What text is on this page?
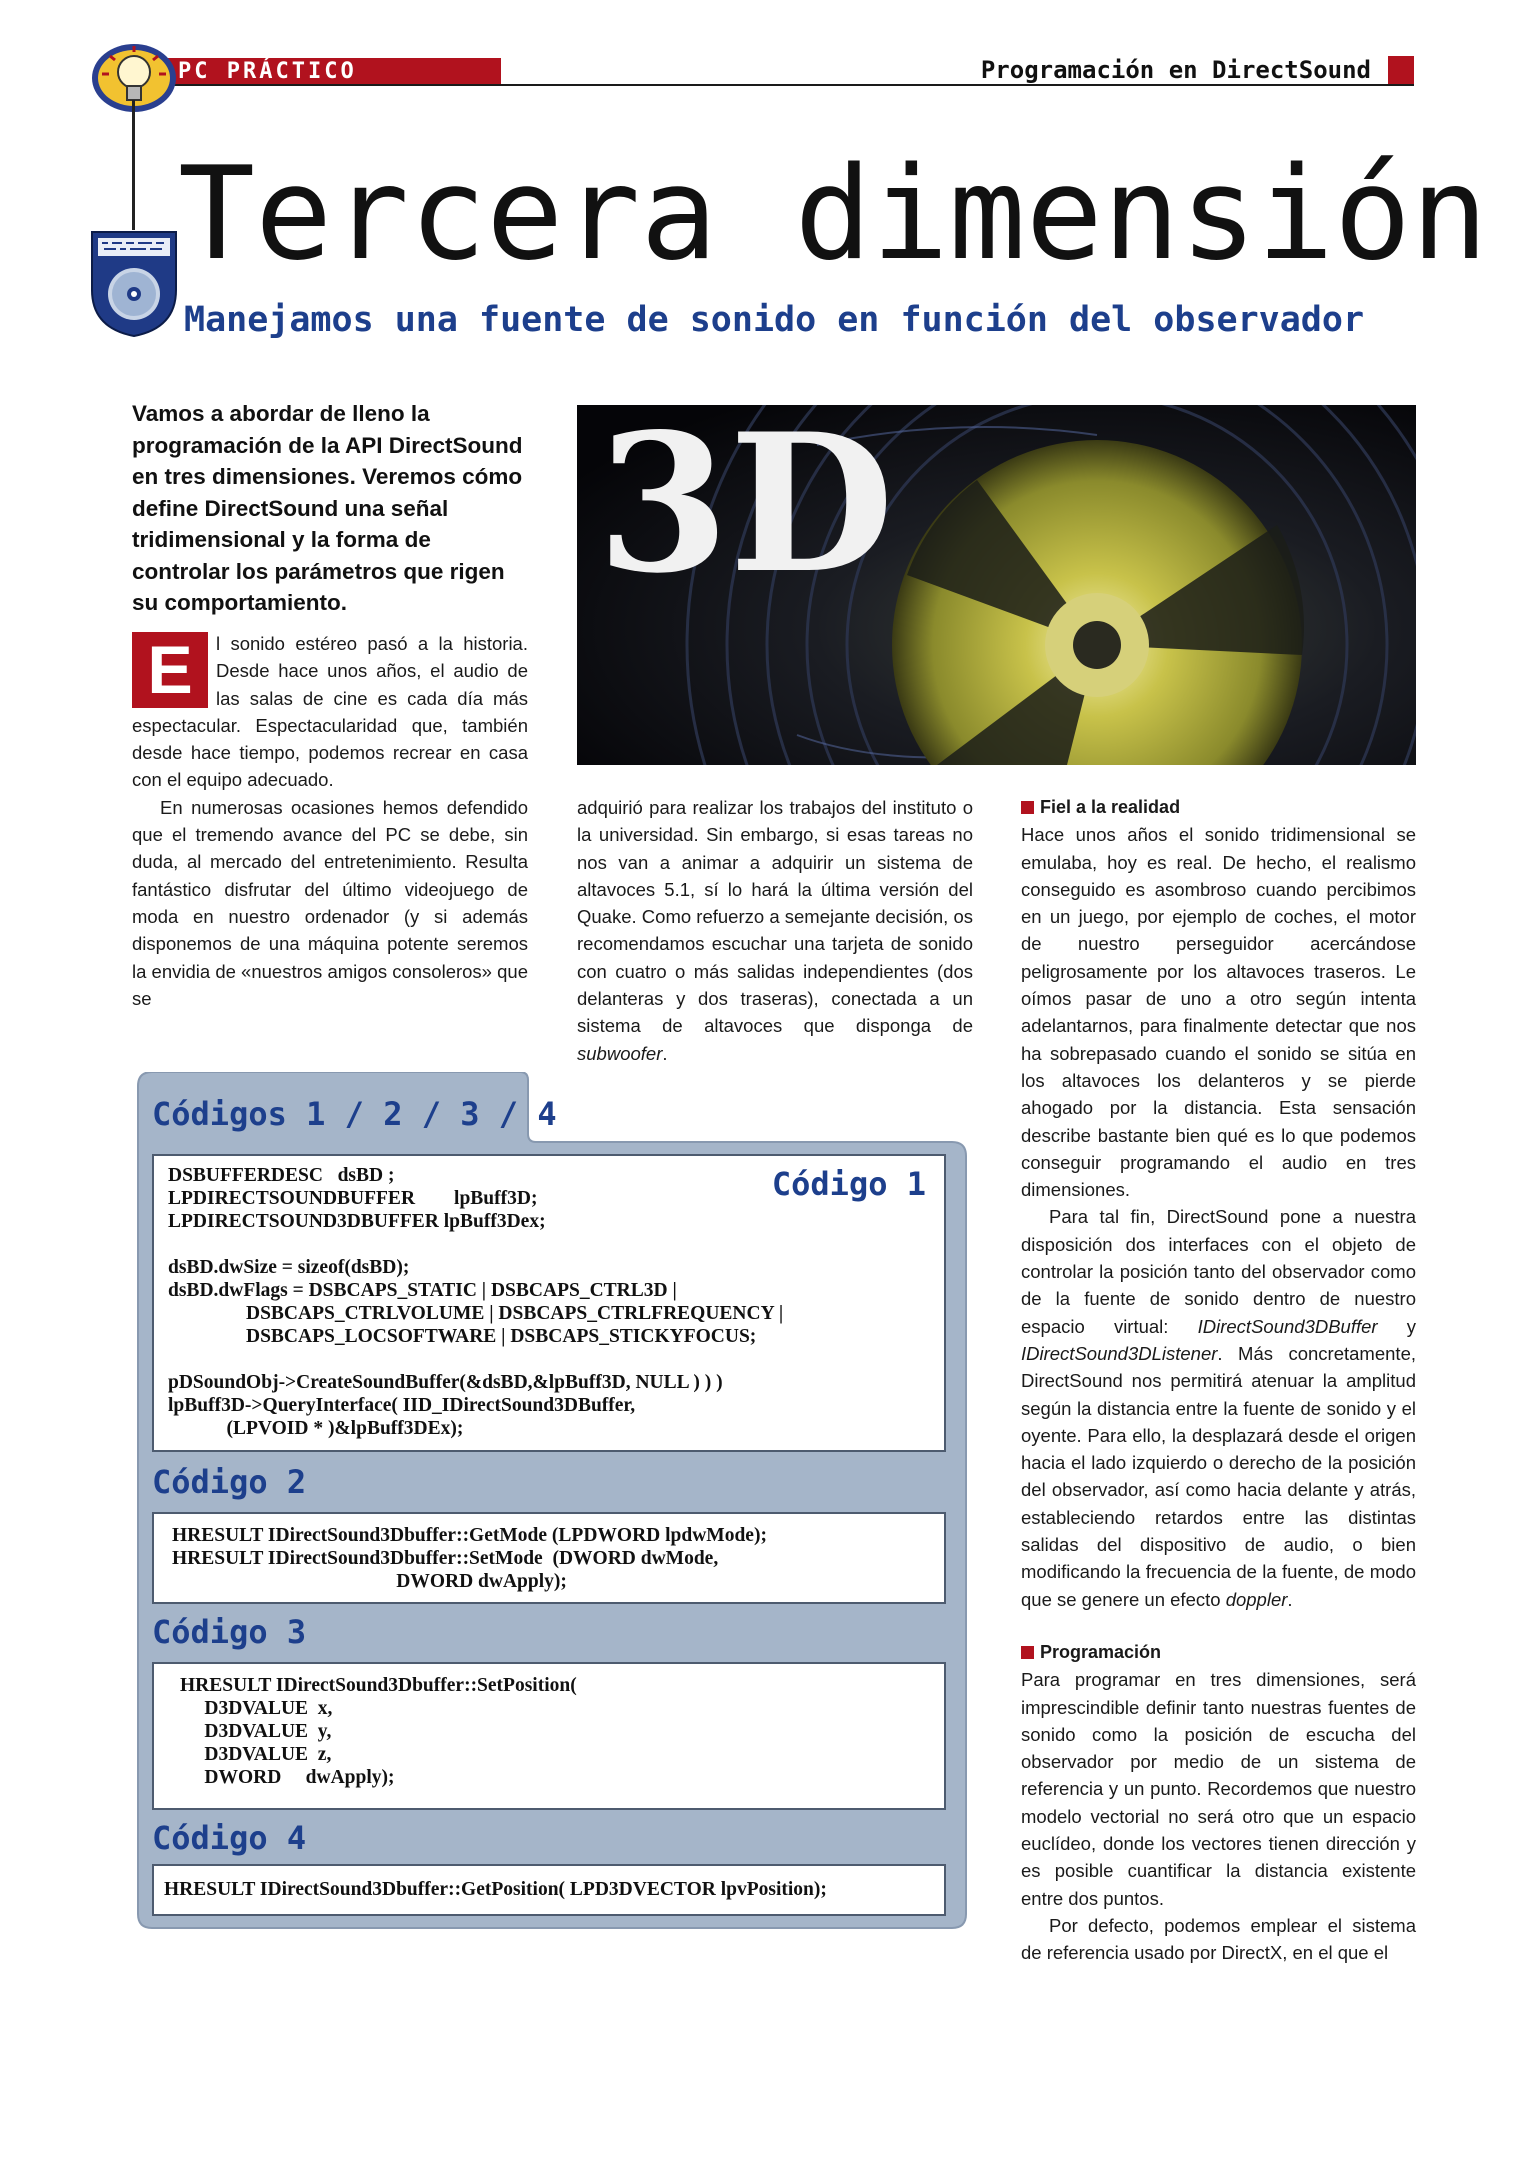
PC PRÁCTICO	Programación en DirectSound
Tercera dimensión
Manejamos una fuente de sonido en función del observador
Vamos a abordar de lleno la programación de la API DirectSound en tres dimensiones. Veremos cómo define DirectSound una señal tridimensional y la forma de controlar los parámetros que rigen su comportamiento.	3D
E	l sonido estéreo pasó a la historia. Desde hace unos años, el audio de las salas de cine es cada día más espectacular. Espectacularidad que, también desde hace tiempo, podemos recrear en casa con el equipo adecuado.

En numerosas ocasiones hemos defendido que el tremendo avance del PC se debe, sin duda, al mercado del entretenimiento. Resulta fantástico disfrutar del último videojuego de moda en nuestro ordenador (y si además disponemos de una máquina potente seremos la envidia de «nuestros amigos consoleros» que se

adquirió para realizar los trabajos del instituto o la universidad. Sin embargo, si esas tareas no nos van a animar a adquirir un sistema de altavoces 5.1, sí lo hará la última versión del Quake. Como refuerzo a semejante decisión, os recomendamos escuchar una tarjeta de sonido con cuatro o más salidas independientes (dos delanteras y dos traseras), conectada a un sistema de altavoces que disponga de subwoofer.

Fiel a la realidad

Hace unos años el sonido tridimensional se emulaba, hoy es real. De hecho, el realismo conseguido es asombroso cuando percibimos en un juego, por ejemplo de coches, el motor de nuestro perseguidor acercándose peligrosamente por los altavoces traseros. Le oímos pasar de uno a otro según intenta adelantarnos, para finalmente detectar que nos ha sobrepasado cuando el sonido se sitúa en los altavoces los delanteros y se pierde ahogado por la distancia. Esta sensación describe bastante bien qué es lo que podemos conseguir programando el audio en tres dimensiones.

Para tal fin, DirectSound pone a nuestra disposición dos interfaces con el objeto de controlar la posición tanto del observador como de la fuente de sonido dentro de nuestro espacio virtual: IDirectSound3DBuffer y IDirectSound3DListener. Más concretamente, DirectSound nos permitirá atenuar la amplitud según la distancia entre la fuente de sonido y el oyente. Para ello, la desplazará desde el origen hacia el lado izquierdo o derecho de la posición del observador, así como hacia delante y atrás, estableciendo retardos entre las distintas salidas del dispositivo de audio, o bien modificando la frecuencia de la fuente, de modo que se genere un efecto doppler.

Programación

Para programar en tres dimensiones, será imprescindible definir tanto nuestras fuentes de sonido como la posición de escucha del observador por medio de un sistema de referencia y un punto. Recordemos que nuestro modelo vectorial no será otro que un espacio euclídeo, donde los vectores tienen dirección y es posible cuantificar la distancia existente entre dos puntos.

Por defecto, podemos emplear el sistema de referencia usado por DirectX, en el que el

Códigos 1 / 2 / 3 / 4
DSBUFFERDESC   dsBD ;
LPDIRECTSOUNDBUFFER        lpBuff3D;
LPDIRECTSOUND3DBUFFER lpBuff3Dex;

dsBD.dwSize = sizeof(dsBD);
dsBD.dwFlags = DSBCAPS_STATIC | DSBCAPS_CTRL3D |
DSBCAPS_CTRLVOLUME | DSBCAPS_CTRLFREQUENCY |
DSBCAPS_LOCSOFTWARE | DSBCAPS_STICKYFOCUS;

pDSoundObj->CreateSoundBuffer(&dsBD,&lpBuff3D, NULL ) ) )
lpBuff3D->QueryInterface( IID_IDirectSound3DBuffer,
(LPVOID * )&lpBuff3DEx);
Código 1
Código 2
HRESULT IDirectSound3Dbuffer::GetMode (LPDWORD lpdwMode);
HRESULT IDirectSound3Dbuffer::SetMode  (DWORD dwMode,
DWORD dwApply);
Código 3
HRESULT IDirectSound3Dbuffer::SetPosition(
D3DVALUE  x,
D3DVALUE  y,
D3DVALUE  z,
DWORD     dwApply);
Código 4
HRESULT IDirectSound3Dbuffer::GetPosition( LPD3DVECTOR lpvPosition);
